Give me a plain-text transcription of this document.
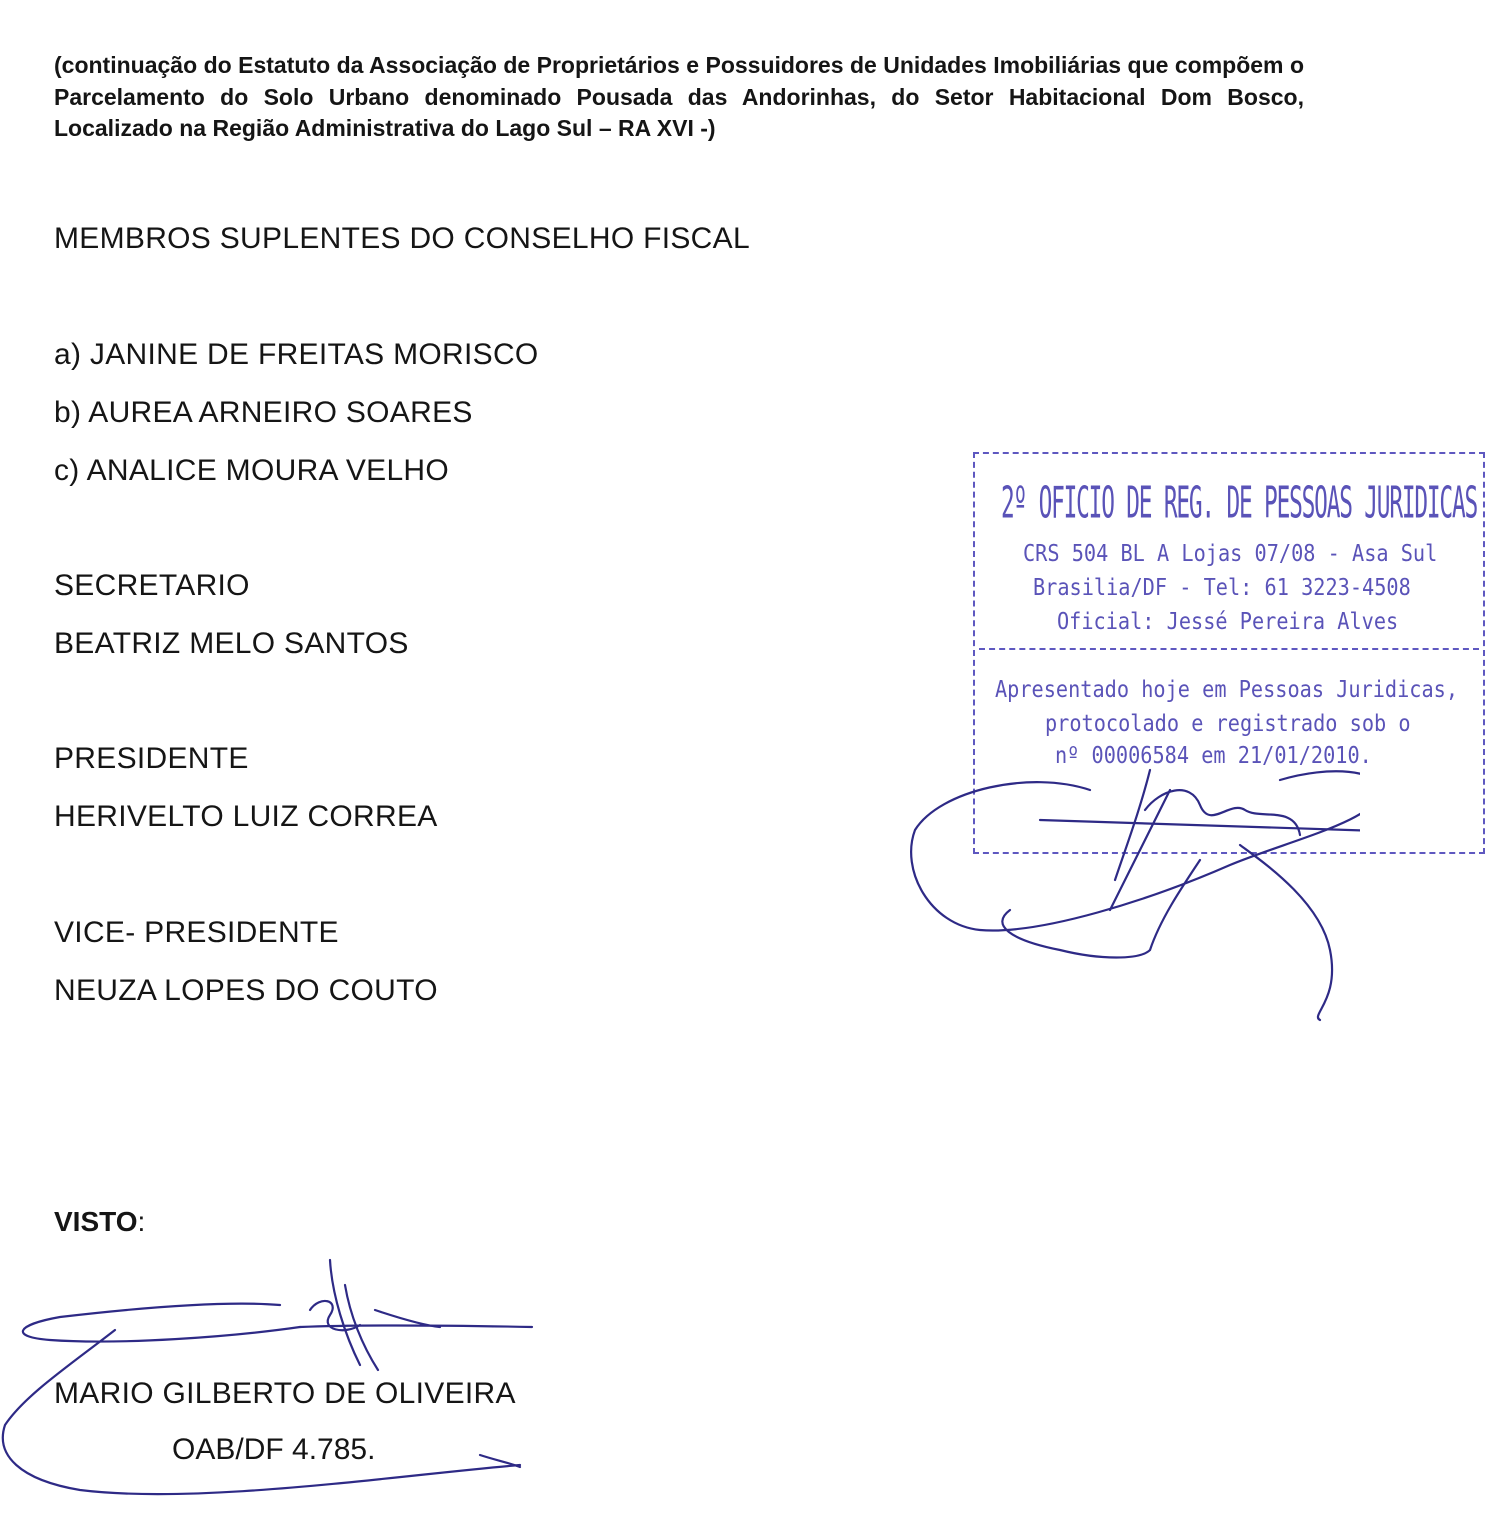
(continuação do Estatuto da Associação de Proprietários e Possuidores de Unidades Imobiliárias que compõem o Parcelamento do Solo Urbano denominado Pousada das Andorinhas, do Setor Habitacional Dom Bosco, Localizado na Região Administrativa do Lago Sul – RA XVI -)
MEMBROS SUPLENTES DO CONSELHO FISCAL
a) JANINE DE FREITAS MORISCO
b) AUREA ARNEIRO SOARES
c) ANALICE MOURA VELHO
SECRETARIO
BEATRIZ MELO SANTOS
PRESIDENTE
HERIVELTO LUIZ CORREA
VICE- PRESIDENTE
NEUZA LOPES DO COUTO
VISTO:
MARIO GILBERTO DE OLIVEIRA
OAB/DF 4.785.
2º OFICIO DE REG. DE PESSOAS JURIDICAS
CRS 504 BL A Lojas 07/08 - Asa Sul
Brasilia/DF - Tel: 61 3223-4508
Oficial: Jessé Pereira Alves
Apresentado hoje em Pessoas Juridicas,
protocolado e registrado sob o
nº 00006584 em 21/01/2010.
